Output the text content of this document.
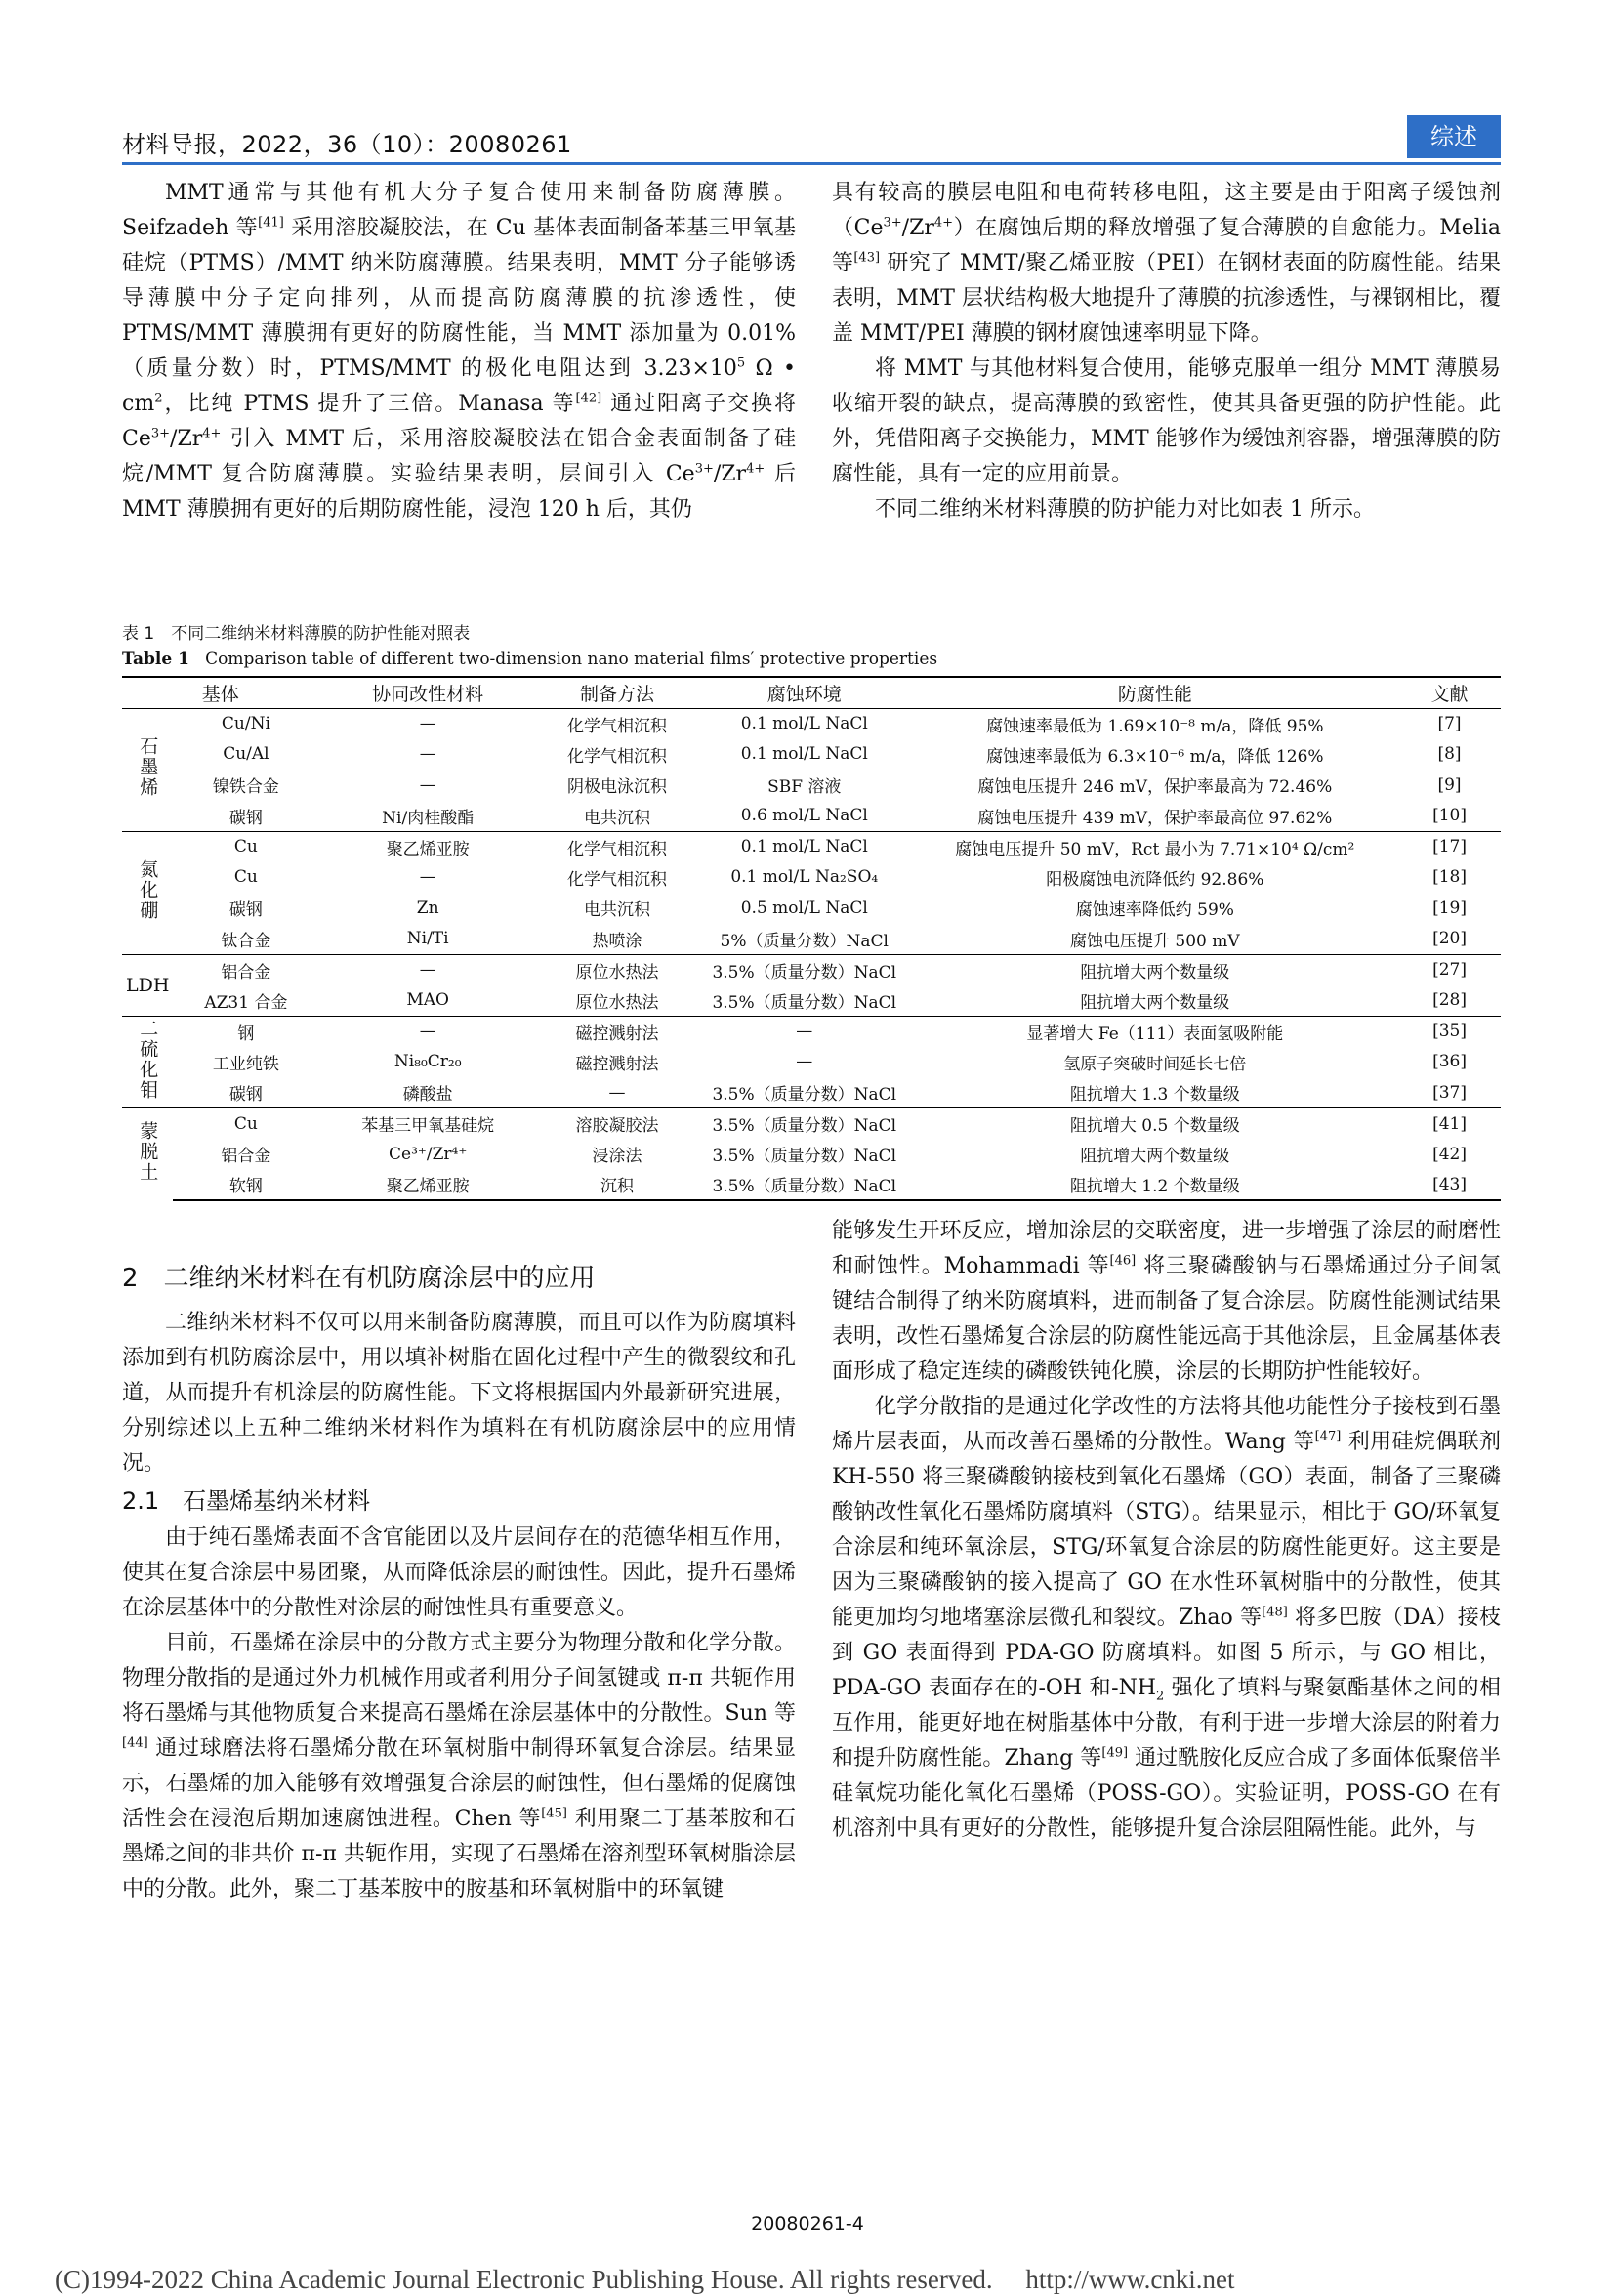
材料导报，2022，36（10）：20080261	综述

MMT通常与其他有机大分子复合使用来制备防腐薄膜。Seifzadeh 等[41] 采用溶胶凝胶法，在 Cu 基体表面制备苯基三甲氧基硅烷（PTMS）/MMT 纳米防腐薄膜。结果表明，MMT 分子能够诱导薄膜中分子定向排列，从而提高防腐薄膜的抗渗透性，使 PTMS/MMT 薄膜拥有更好的防腐性能，当 MMT 添加量为 0.01%（质量分数）时，PTMS/MMT 的极化电阻达到 $3.23\times 10^5$ Ω • $cm^2$，比纯 PTMS 提升了三倍。Manasa 等[42] 通过阳离子交换将 $Ce^{3+}/Zr^{4+}$ 引入 MMT 后，采用溶胶凝胶法在铝合金表面制备了硅烷/MMT 复合防腐薄膜。实验结果表明，层间引入 $Ce^{3+}/Zr^{4+}$ 后 MMT 薄膜拥有更好的后期防腐性能，浸泡 120 h 后，其仍

具有较高的膜层电阻和电荷转移电阻，这主要是由于阳离子缓蚀剂$(Ce^{3+}/Zr^{4+})$在腐蚀后期的释放增强了复合薄膜的自愈能力。Melia 等[43] 研究了 MMT/聚乙烯亚胺（PEI）在钢材表面的防腐性能。结果表明，MMT 层状结构极大地提升了薄膜的抗渗透性，与裸钢相比，覆盖 MMT/PEI 薄膜的钢材腐蚀速率明显下降。

将 MMT 与其他材料复合使用，能够克服单一组分 MMT 薄膜易收缩开裂的缺点，提高薄膜的致密性，使其具备更强的防护性能。此外，凭借阳离子交换能力，MMT 能够作为缓蚀剂容器，增强薄膜的防腐性能，具有一定的应用前景。

不同二维纳米材料薄膜的防护能力对比如表 1 所示。

表 1　不同二维纳米材料薄膜的防护性能对照表
Table 1 Comparison table of different two-dimension nano material films′ protective properties
基体		协同改性材料	制备方法	腐蚀环境	防腐性能	文献
石墨烯	Cu/Ni	—	化学气相沉积	0.1 mol/L NaCl	腐蚀速率最低为 1.69×10⁻⁸ m/a，降低 95%	[7]
	Cu/Al	—	化学气相沉积	0.1 mol/L NaCl	腐蚀速率最低为 6.3×10⁻⁶ m/a，降低 126%	[8]
	镍铁合金	—	阴极电泳沉积	SBF 溶液	腐蚀电压提升 246 mV，保护率最高为 72.46%	[9]
	碳钢	Ni/肉桂酸酯	电共沉积	0.6 mol/L NaCl	腐蚀电压提升 439 mV，保护率最高位 97.62%	[10]
氮化硼	Cu	聚乙烯亚胺	化学气相沉积	0.1 mol/L NaCl	腐蚀电压提升 50 mV，Rct 最小为 7.71×10⁴ Ω/cm²	[17]
	Cu	—	化学气相沉积	0.1 mol/L Na₂SO₄	阳极腐蚀电流降低约 92.86%	[18]
	碳钢	Zn	电共沉积	0.5 mol/L NaCl	腐蚀速率降低约 59%	[19]
	钛合金	Ni/Ti	热喷涂	5%（质量分数）NaCl	腐蚀电压提升 500 mV	[20]
LDH	铝合金	—	原位水热法	3.5%（质量分数）NaCl	阻抗增大两个数量级	[27]
	AZ31 合金	MAO	原位水热法	3.5%（质量分数）NaCl	阻抗增大两个数量级	[28]
二硫化钼	钢	—	磁控溅射法	—	显著增大 Fe（111）表面氢吸附能	[35]
	工业纯铁	Ni₈₀Cr₂₀	磁控溅射法	—	氢原子突破时间延长七倍	[36]
	碳钢	磷酸盐	—	3.5%（质量分数）NaCl	阻抗增大 1.3 个数量级	[37]
蒙脱土	Cu	苯基三甲氧基硅烷	溶胶凝胶法	3.5%（质量分数）NaCl	阻抗增大 0.5 个数量级	[41]
	铝合金	Ce³⁺/Zr⁴⁺	浸涂法	3.5%（质量分数）NaCl	阻抗增大两个数量级	[42]
	软钢	聚乙烯亚胺	沉积	3.5%（质量分数）NaCl	阻抗增大 1.2 个数量级	[43]

2　二维纳米材料在有机防腐涂层中的应用

二维纳米材料不仅可以用来制备防腐薄膜，而且可以作为防腐填料添加到有机防腐涂层中，用以填补树脂在固化过程中产生的微裂纹和孔道，从而提升有机涂层的防腐性能。下文将根据国内外最新研究进展，分别综述以上五种二维纳米材料作为填料在有机防腐涂层中的应用情况。

2.1　石墨烯基纳米材料

由于纯石墨烯表面不含官能团以及片层间存在的范德华相互作用，使其在复合涂层中易团聚，从而降低涂层的耐蚀性。因此，提升石墨烯在涂层基体中的分散性对涂层的耐蚀性具有重要意义。

目前，石墨烯在涂层中的分散方式主要分为物理分散和化学分散。物理分散指的是通过外力机械作用或者利用分子间氢键或 π-π 共轭作用将石墨烯与其他物质复合来提高石墨烯在涂层基体中的分散性。Sun 等[44] 通过球磨法将石墨烯分散在环氧树脂中制得环氧复合涂层。结果显示，石墨烯的加入能够有效增强复合涂层的耐蚀性，但石墨烯的促腐蚀活性会在浸泡后期加速腐蚀进程。Chen 等[45] 利用聚二丁基苯胺和石墨烯之间的非共价 π-π 共轭作用，实现了石墨烯在溶剂型环氧树脂涂层中的分散。此外，聚二丁基苯胺中的胺基和环氧树脂中的环氧键

能够发生开环反应，增加涂层的交联密度，进一步增强了涂层的耐磨性和耐蚀性。Mohammadi 等[46] 将三聚磷酸钠与石墨烯通过分子间氢键结合制得了纳米防腐填料，进而制备了复合涂层。防腐性能测试结果表明，改性石墨烯复合涂层的防腐性能远高于其他涂层，且金属基体表面形成了稳定连续的磷酸铁钝化膜，涂层的长期防护性能较好。

化学分散指的是通过化学改性的方法将其他功能性分子接枝到石墨烯片层表面，从而改善石墨烯的分散性。Wang 等[47] 利用硅烷偶联剂 KH-550 将三聚磷酸钠接枝到氧化石墨烯（GO）表面，制备了三聚磷酸钠改性氧化石墨烯防腐填料（STG）。结果显示，相比于 GO/环氧复合涂层和纯环氧涂层，STG/环氧复合涂层的防腐性能更好。这主要是因为三聚磷酸钠的接入提高了 GO 在水性环氧树脂中的分散性，使其能更加均匀地堵塞涂层微孔和裂纹。Zhao 等[48] 将多巴胺（DA）接枝到 GO 表面得到 PDA-GO 防腐填料。如图 5 所示，与 GO 相比，PDA-GO 表面存在的-OH 和$-NH_2$ 强化了填料与聚氨酯基体之间的相互作用，能更好地在树脂基体中分散，有利于进一步增大涂层的附着力和提升防腐性能。Zhang 等[49] 通过酰胺化反应合成了多面体低聚倍半硅氧烷功能化氧化石墨烯（POSS-GO）。实验证明，POSS-GO 在有机溶剂中具有更好的分散性，能够提升复合涂层阻隔性能。此外，与

20080261-4
(C)1994-2022 China Academic Journal Electronic Publishing House. All rights reserved.　 http://www.cnki.net
